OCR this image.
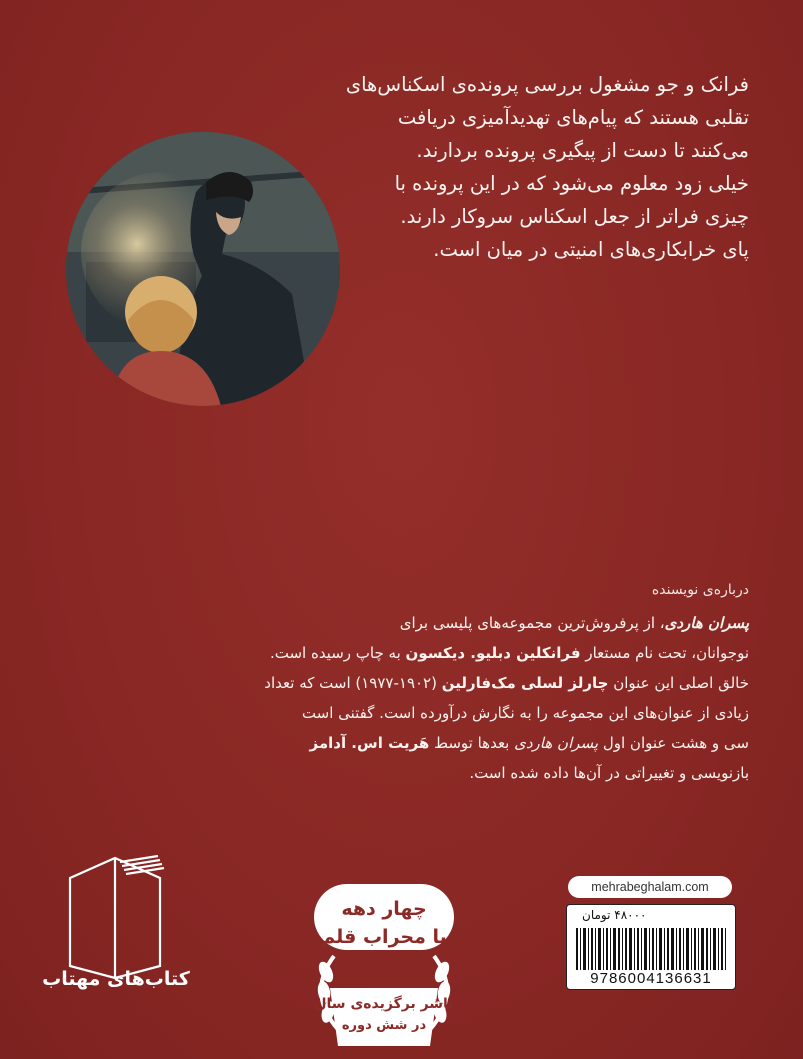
فرانک و جو مشغول بررسی پرونده‌ی اسکناس‌های

تقلبی هستند که پیام‌های تهدیدآمیزی دریافت

می‌کنند تا دست از پیگیری پرونده بردارند.

خیلی زود معلوم می‌شود که در این پرونده با

چیزی فراتر از جعل اسکناس سروکار دارند.

پای خرابکاری‌های امنیتی در میان است.

درباره‌ی نویسنده

پسران هاردی، از پرفروش‌ترین مجموعه‌های پلیسی برای

نوجوانان، تحت نام مستعار فرانکلین دبلیو. دیکسون به چاپ رسیده است.

خالق اصلی این عنوان چارلز لسلی مک‌فارلین (۱۹۰۲-۱۹۷۷) است که تعداد

زیادی از عنوان‌های این مجموعه را به نگارش درآورده است. گفتنی است

سی و هشت عنوان اول پسران هاردی بعدها توسط هَریت اس. آدامز

بازنویسی و تغییراتی در آن‌ها داده شده است.

کتاب‌های مهتاب
چهار دهه
با محراب قلم
ناشر برگزیده‌ی سال
در شش دوره
mehrabeghalam.com
۴۸۰۰۰ تومان
9786004136631
